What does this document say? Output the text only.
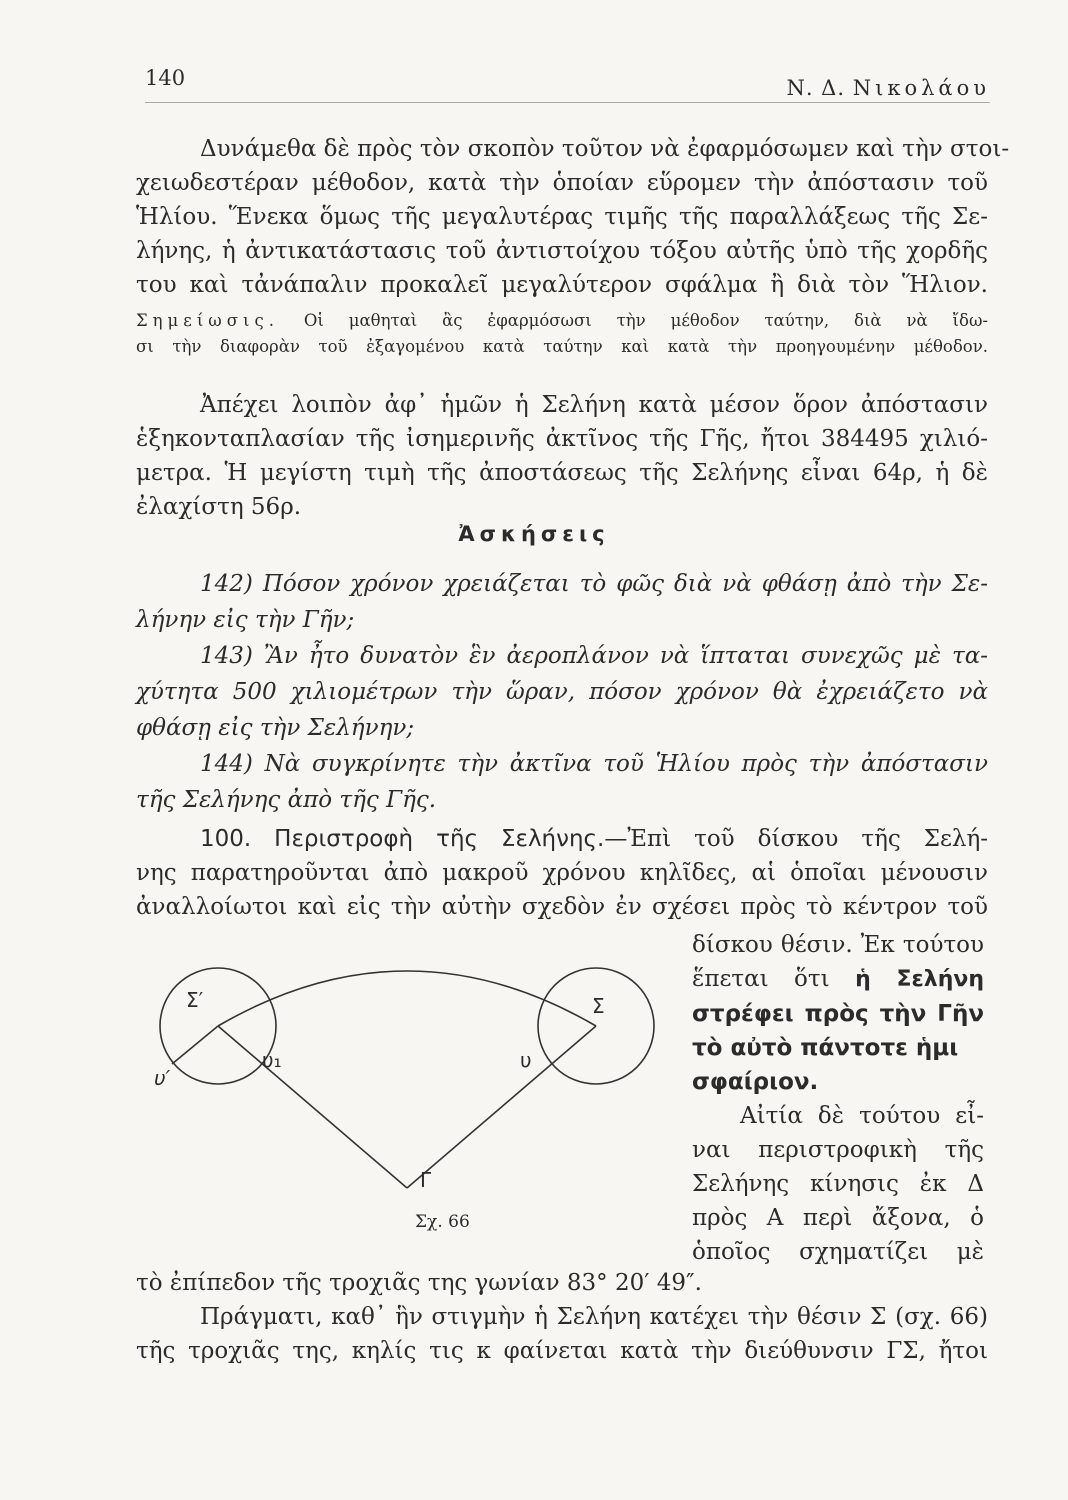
140	Ν. Δ. Νικολάου
Δυνάμεθα δὲ πρὸς τὸν σκοπὸν τοῦτον νὰ ἐφαρμόσωμεν καὶ τὴν στοι-
χειωδεστέραν μέθοδον, κατὰ τὴν ὁποίαν εὕρομεν τὴν ἀπόστασιν τοῦ
Ἡλίου. Ἕνεκα ὅμως τῆς μεγαλυτέρας τιμῆς τῆς παραλλάξεως τῆς Σε-
λήνης, ἡ ἀντικατάστασις τοῦ ἀντιστοίχου τόξου αὐτῆς ὑπὸ τῆς χορδῆς
του καὶ τἀνάπαλιν προκαλεῖ μεγαλύτερον σφάλμα ἢ διὰ τὸν Ἥλιον.
Σημείωσις. Οἱ μαθηταὶ ἂς ἐφαρμόσωσι τὴν μέθοδον ταύτην, διὰ νὰ ἴδω-
σι τὴν διαφορὰν τοῦ ἐξαγομένου κατὰ ταύτην καὶ κατὰ τὴν προηγουμένην μέθοδον.
Ἀπέχει λοιπὸν ἀφ᾿ ἡμῶν ἡ Σελήνη κατὰ μέσον ὅρον ἀπόστασιν
ἑξηκονταπλασίαν τῆς ἰσημερινῆς ἀκτῖνος τῆς Γῆς, ἤτοι 384495 χιλιό-
μετρα. Ἡ μεγίστη τιμὴ τῆς ἀποστάσεως τῆς Σελήνης εἶναι 64ρ, ἡ δὲ
ἐλαχίστη 56ρ.
Ἀσκήσεις
142) Πόσον χρόνον χρειάζεται τὸ φῶς διὰ νὰ φθάσῃ ἀπὸ τὴν Σε-
λήνην εἰς τὴν Γῆν;
143) Ἂν ἦτο δυνατὸν ἓν ἀεροπλάνον νὰ ἵπταται συνεχῶς μὲ τα-
χύτητα 500 χιλιομέτρων τὴν ὥραν, πόσον χρόνον θὰ ἐχρειάζετο νὰ
φθάσῃ εἰς τὴν Σελήνην;
144) Νὰ συγκρίνητε τὴν ἀκτῖνα τοῦ Ἡλίου πρὸς τὴν ἀπόστασιν
τῆς Σελήνης ἀπὸ τῆς Γῆς.
100. Περιστροφὴ τῆς Σελήνης.—Ἐπὶ τοῦ δίσκου τῆς Σελή-
νης παρατηροῦνται ἀπὸ μακροῦ χρόνου κηλῖδες, αἱ ὁποῖαι μένουσιν
ἀναλλοίωτοι καὶ εἰς τὴν αὐτὴν σχεδὸν ἐν σχέσει πρὸς τὸ κέντρον τοῦ
δίσκου θέσιν. Ἐκ τούτου
ἕπεται ὅτι ἡ Σελήνη
στρέφει πρὸς τὴν Γῆν
τὸ αὐτὸ πάντοτε ἡμι
σφαίριον.
Αἰτία δὲ τούτου εἶ-
ναι περιστροφικὴ τῆς
Σελήνης κίνησις ἐκ Δ
πρὸς Α περὶ ἄξονα, ὁ
ὁποῖος σχηματίζει μὲ
Σ′	Σ
υ′
υ₁	υ
Γ
Σχ. 66
τὸ ἐπίπεδον τῆς τροχιᾶς της γωνίαν 83° 20′ 49″.
Πράγματι, καθ᾿ ἣν στιγμὴν ἡ Σελήνη κατέχει τὴν θέσιν Σ (σχ. 66)
τῆς τροχιᾶς της, κηλίς τις κ φαίνεται κατὰ τὴν διεύθυνσιν ΓΣ, ἤτοι
